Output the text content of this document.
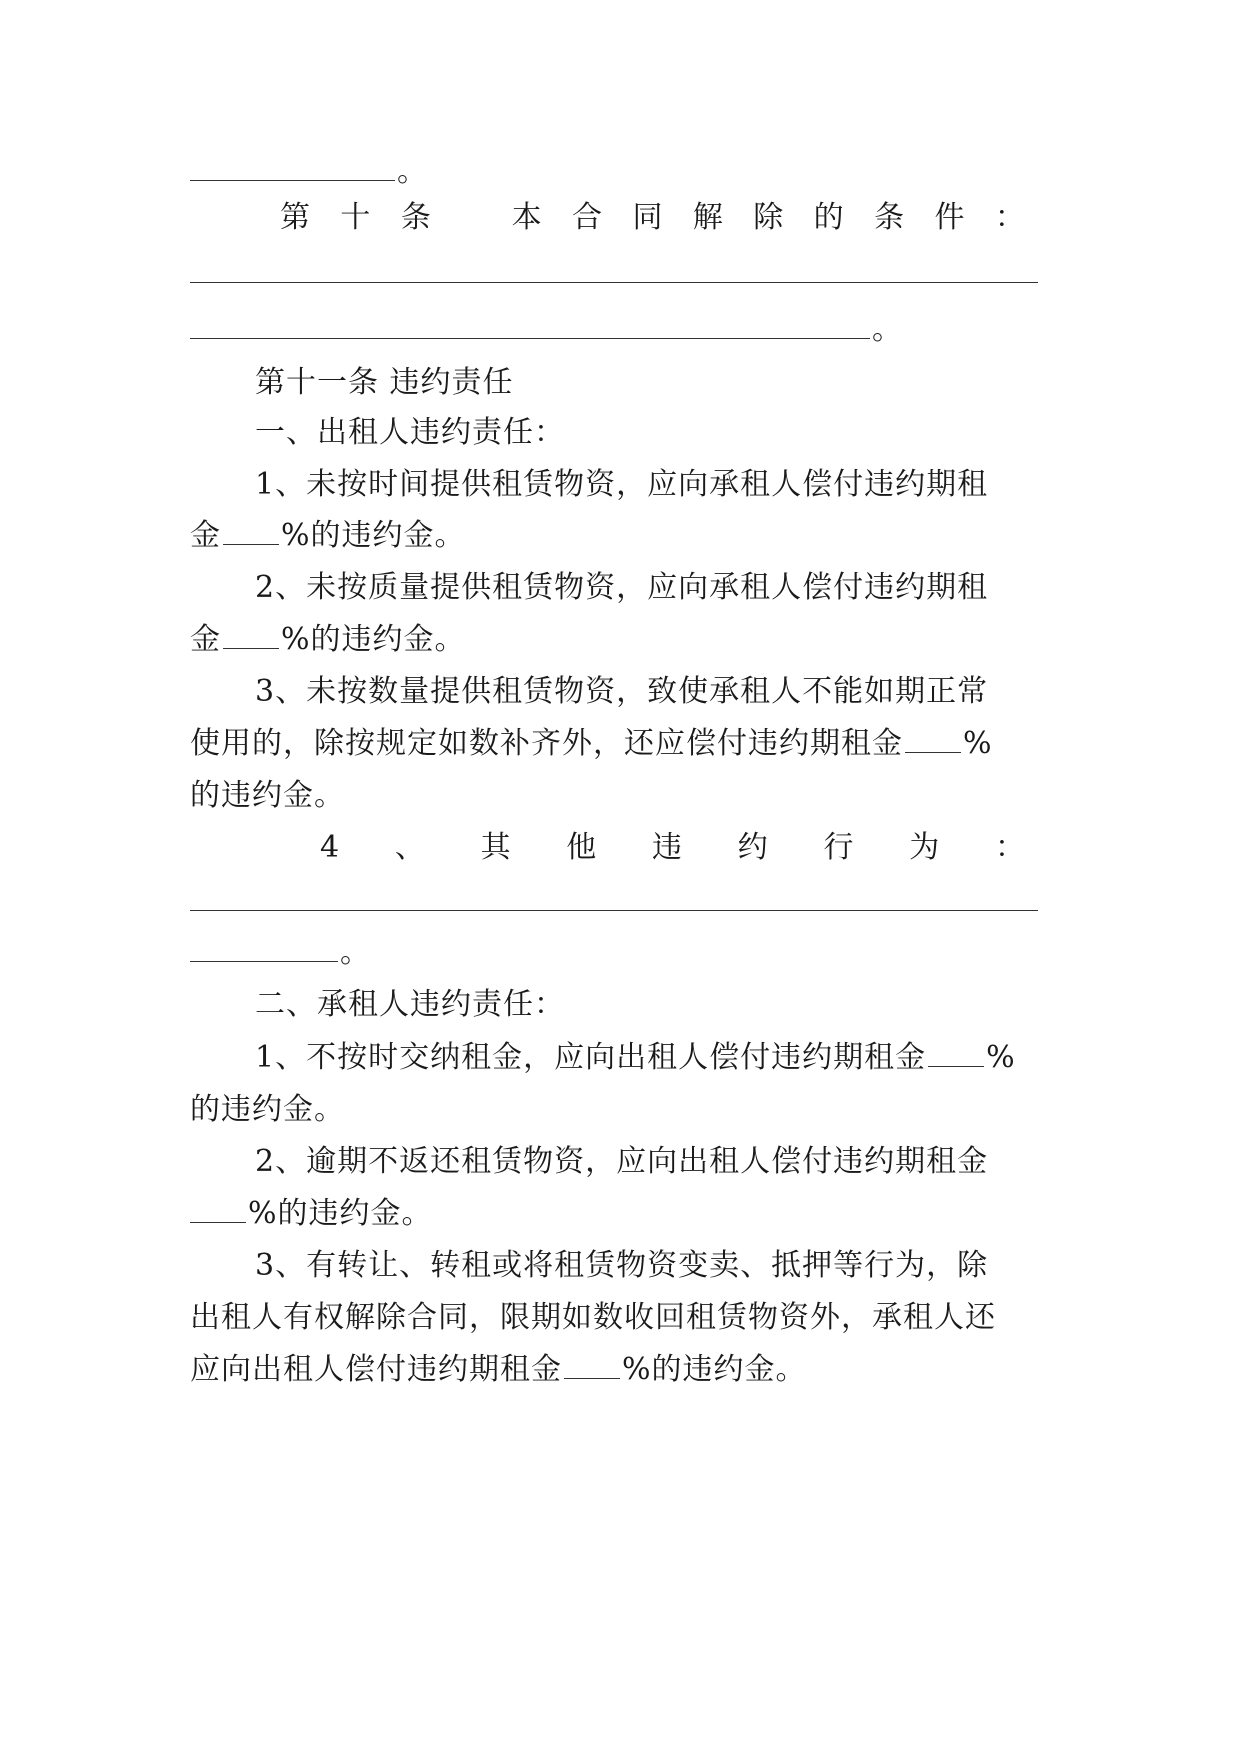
。
第 十 条	本 合 同 解 除 的 条 件 ：
。
第十一条 违约责任
一、出租人违约责任：
1、未按时间提供租赁物资，应向承租人偿付违约期租
金 %的违约金。
2、未按质量提供租赁物资，应向承租人偿付违约期租
金 %的违约金。
3、未按数量提供租赁物资，致使承租人不能如期正常
使用的，除按规定如数补齐外，还应偿付违约期租金 %
的违约金。
4 、 其 他 违 约 行 为 ：
。
二、承租人违约责任：
1、不按时交纳租金，应向出租人偿付违约期租金 %
的违约金。
2、逾期不返还租赁物资，应向出租人偿付违约期租金
%的违约金。
3、有转让、转租或将租赁物资变卖、抵押等行为，除
出租人有权解除合同，限期如数收回租赁物资外，承租人还
应向出租人偿付违约期租金 %的违约金。
